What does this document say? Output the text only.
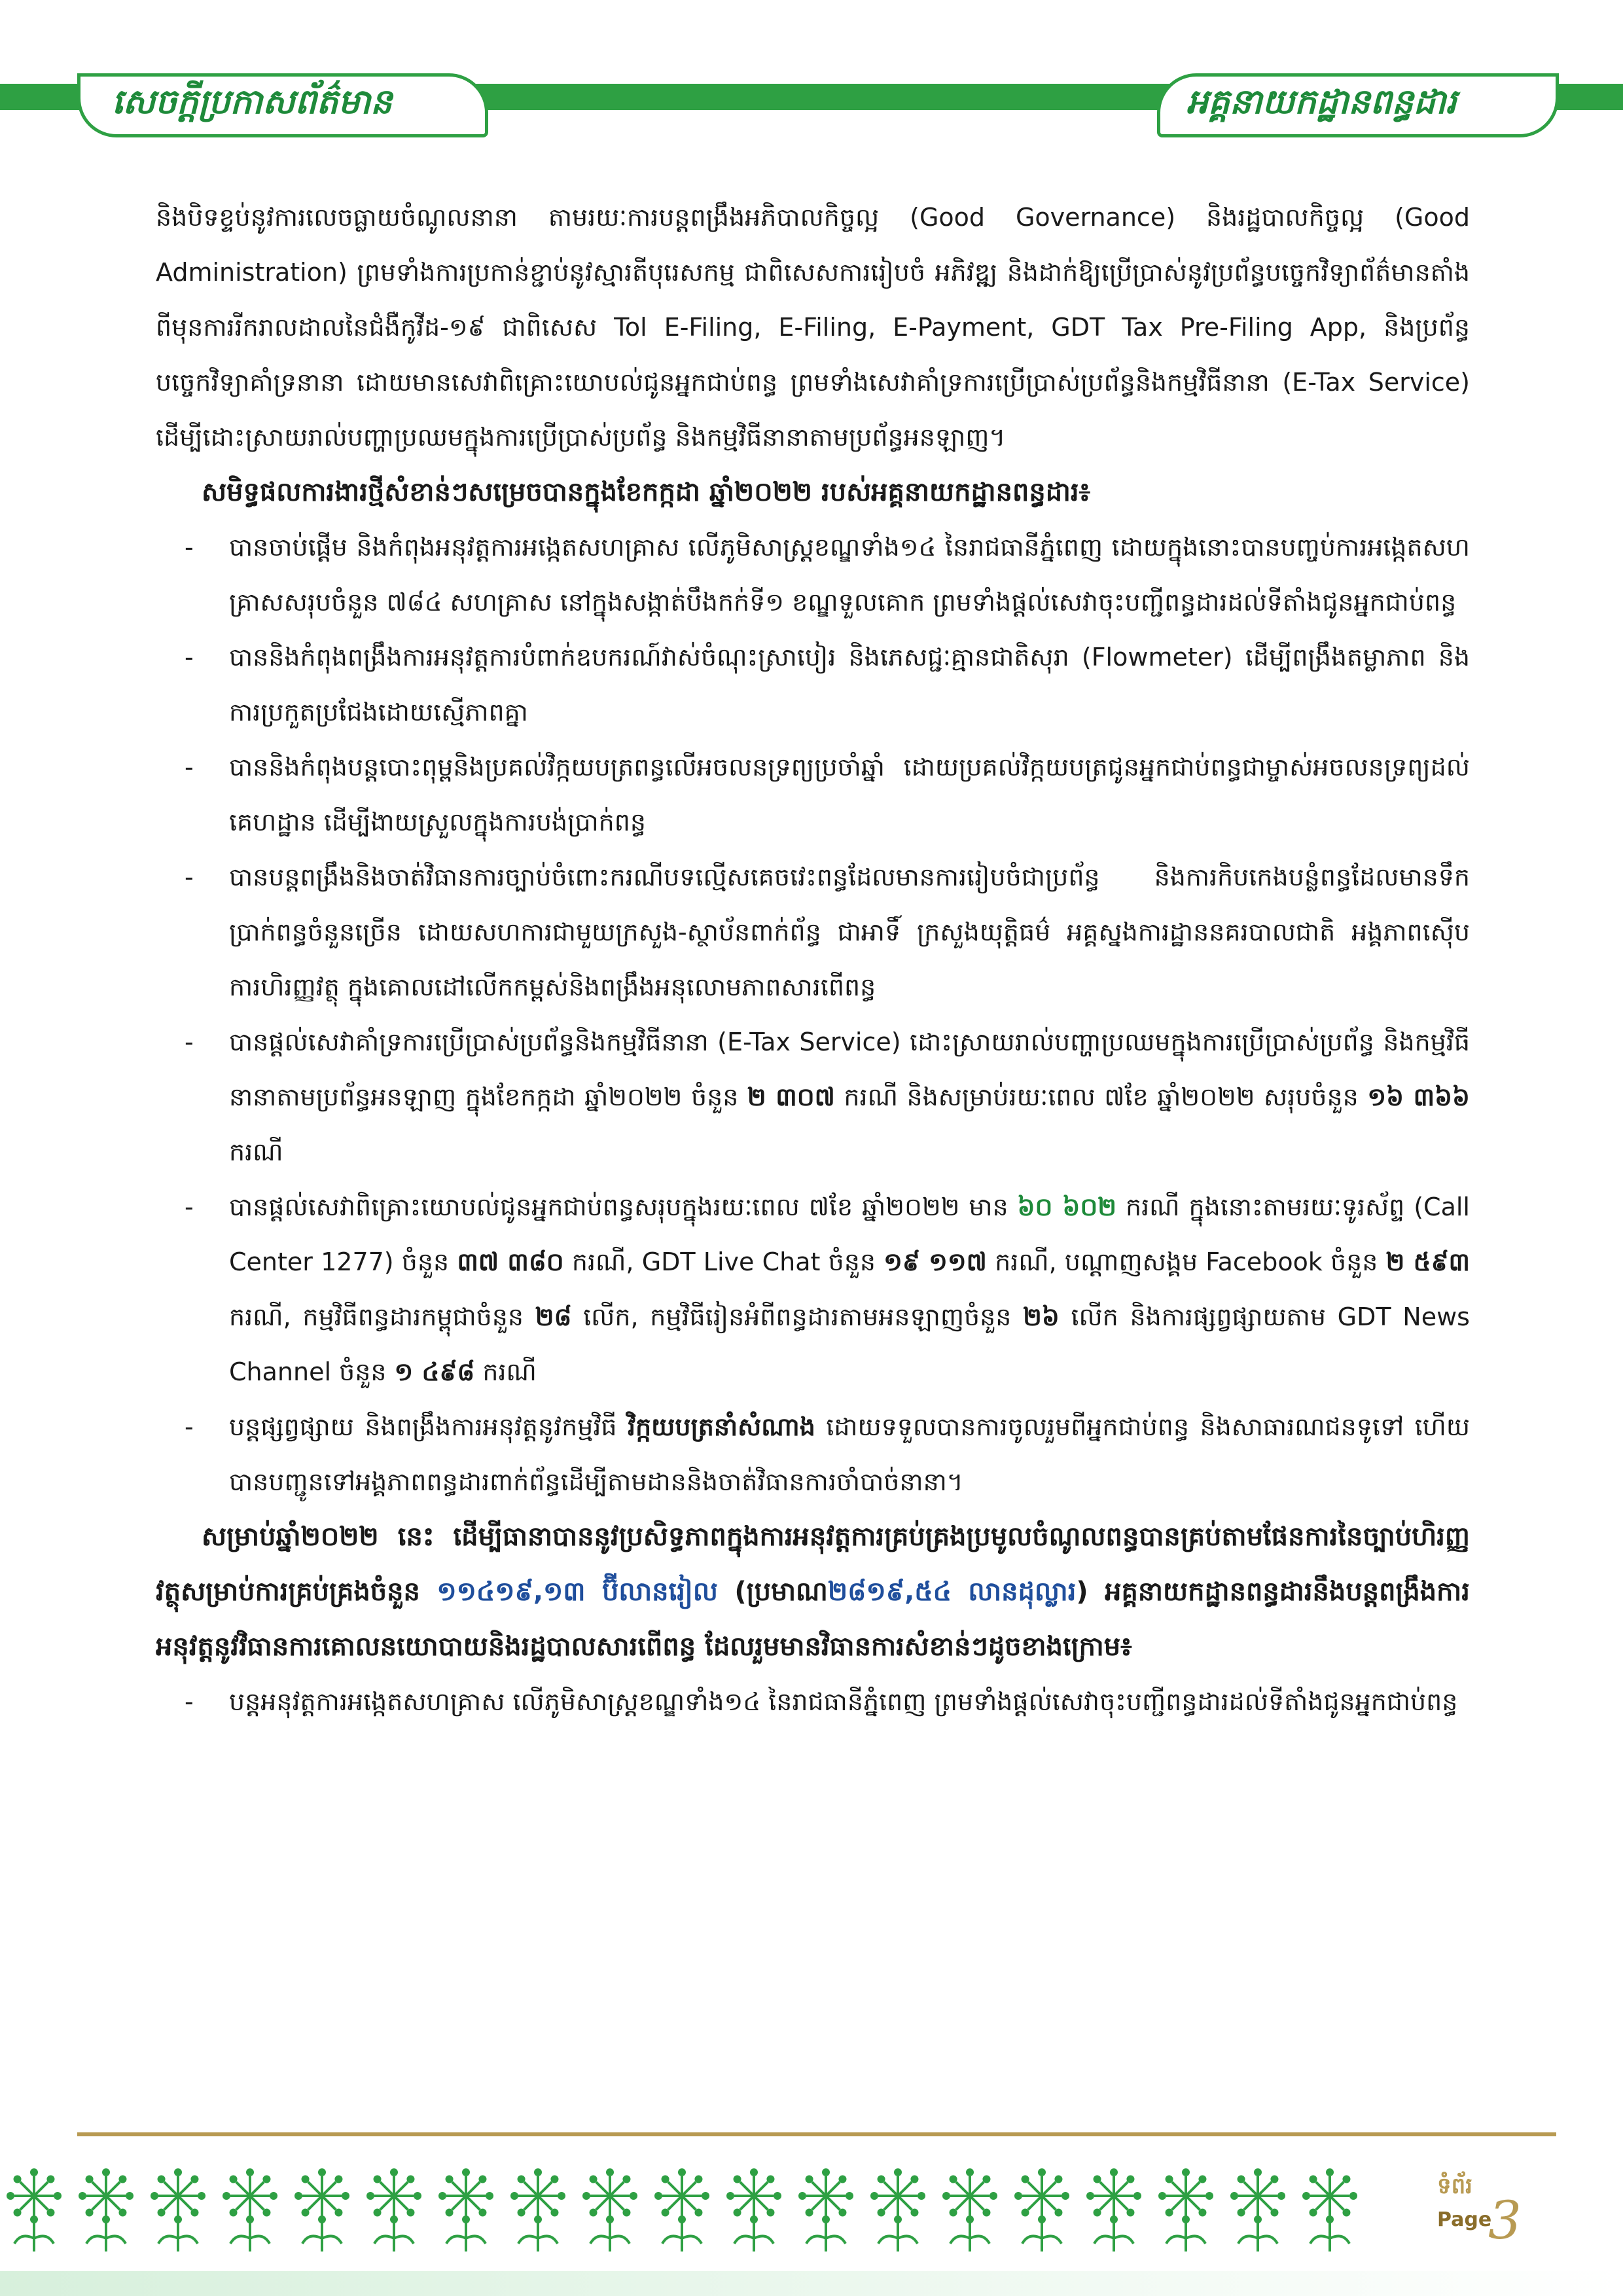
សេចក្តីប្រកាសព័ត៌មាន	អគ្គនាយកដ្ឋានពន្ធដារ

និងបិទខ្ទប់នូវការលេចធ្លាយចំណូលនានា តាមរយៈការបន្តពង្រឹងអភិបាលកិច្ចល្អ (Good Governance) និងរដ្ឋបាលកិច្ចល្អ (Good Administration) ព្រមទាំងការប្រកាន់ខ្ជាប់នូវស្មារតីបុរេសកម្ម ជាពិសេសការរៀបចំ អភិវឌ្ឍ និងដាក់ឱ្យប្រើប្រាស់នូវប្រព័ន្ធបច្ចេកវិទ្យាព័ត៌មានតាំងពីមុនការរីករាលដាលនៃជំងឺកូវីដ-១៩ ជាពិសេស Tol E-Filing, E-Filing, E-Payment, GDT Tax Pre-Filing App, និងប្រព័ន្ធបច្ចេកវិទ្យាគាំទ្រនានា ដោយមានសេវាពិគ្រោះយោបល់ជូនអ្នកជាប់ពន្ធ ព្រមទាំងសេវាគាំទ្រការប្រើប្រាស់ប្រព័ន្ធនិងកម្មវិធីនានា (E-Tax Service) ដើម្បីដោះស្រាយរាល់បញ្ហាប្រឈមក្នុងការប្រើប្រាស់ប្រព័ន្ធ និងកម្មវិធីនានាតាមប្រព័ន្ធអនឡាញ។

សមិទ្ធផលការងារថ្មីសំខាន់ៗសម្រេចបានក្នុងខែកក្កដា ឆ្នាំ២០២២ របស់អគ្គនាយកដ្ឋានពន្ធដារ៖

- បានចាប់ផ្តើម និងកំពុងអនុវត្តការអង្កេតសហគ្រាស លើភូមិសាស្ត្រខណ្ឌទាំង១៤ នៃរាជធានីភ្នំពេញ ដោយក្នុងនោះបានបញ្ចប់ការអង្កេតសហគ្រាសសរុបចំនួន ៧៨៤ សហគ្រាស នៅក្នុងសង្កាត់បឹងកក់ទី១ ខណ្ឌទួលគោក ព្រមទាំងផ្តល់សេវាចុះបញ្ជីពន្ធដារដល់ទីតាំងជូនអ្នកជាប់ពន្ធ

- បាននិងកំពុងពង្រឹងការអនុវត្តការបំពាក់ឧបករណ៍វាស់ចំណុះស្រាបៀរ និងភេសជ្ជៈគ្មានជាតិសុរា (Flowmeter) ដើម្បីពង្រឹងតម្លាភាព និងការប្រកួតប្រជែងដោយស្មើភាពគ្នា

- បាននិងកំពុងបន្តបោះពុម្ពនិងប្រគល់វិក្កយបត្រពន្ធលើអចលនទ្រព្យប្រចាំឆ្នាំ ដោយប្រគល់វិក្កយបត្រជូនអ្នកជាប់ពន្ធជាម្ចាស់អចលនទ្រព្យដល់គេហដ្ឋាន ដើម្បីងាយស្រួលក្នុងការបង់ប្រាក់ពន្ធ

- បានបន្តពង្រឹងនិងចាត់វិធានការច្បាប់ចំពោះករណីបទល្មើសគេចវេះពន្ធដែលមានការរៀបចំជាប្រព័ន្ធ និងការកិបកេងបន្លំពន្ធដែលមានទឹកប្រាក់ពន្ធចំនួនច្រើន ដោយសហការជាមួយក្រសួង-ស្ថាប័នពាក់ព័ន្ធ ជាអាទិ៍ ក្រសួងយុត្តិធម៌ អគ្គស្នងការដ្ឋាននគរបាលជាតិ អង្គភាពស៊ើបការហិរញ្ញវត្ថុ ក្នុងគោលដៅលើកកម្ពស់និងពង្រឹងអនុលោមភាពសារពើពន្ធ

- បានផ្តល់សេវាគាំទ្រការប្រើប្រាស់ប្រព័ន្ធនិងកម្មវិធីនានា (E-Tax Service) ដោះស្រាយរាល់បញ្ហាប្រឈមក្នុងការប្រើប្រាស់ប្រព័ន្ធ និងកម្មវិធីនានាតាមប្រព័ន្ធអនឡាញ ក្នុងខែកក្កដា ឆ្នាំ២០២២ ចំនួន ២ ៣០៧ ករណី និងសម្រាប់រយៈពេល ៧ខែ ឆ្នាំ២០២២ សរុបចំនួន ១៦ ៣៦៦ ករណី

- បានផ្តល់សេវាពិគ្រោះយោបល់ជូនអ្នកជាប់ពន្ធសរុបក្នុងរយៈពេល ៧ខែ ឆ្នាំ២០២២ មាន ៦០ ៦០២ ករណី ក្នុងនោះតាមរយៈទូរស័ព្ទ (Call Center 1277) ចំនួន ៣៧ ៣៨០ ករណី, GDT Live Chat ចំនួន ១៩ ១១៧ ករណី, បណ្តាញសង្គម Facebook ចំនួន ២ ៥៩៣ ករណី, កម្មវិធីពន្ធដារកម្ពុជាចំនួន ២៨ លើក, កម្មវិធីរៀនអំពីពន្ធដារតាមអនឡាញចំនួន ២៦ លើក និងការផ្សព្វផ្សាយតាម GDT News Channel ចំនួន ១ ៤៩៨ ករណី

- បន្តផ្សព្វផ្សាយ និងពង្រឹងការអនុវត្តនូវកម្មវិធី វិក្កយបត្រនាំសំណាង ដោយទទួលបានការចូលរួមពីអ្នកជាប់ពន្ធ និងសាធារណជនទូទៅ ហើយបានបញ្ជូនទៅអង្គភាពពន្ធដារពាក់ព័ន្ធដើម្បីតាមដាននិងចាត់វិធានការចាំបាច់នានា។

សម្រាប់ឆ្នាំ២០២២ នេះ ដើម្បីធានាបាននូវប្រសិទ្ធភាពក្នុងការអនុវត្តការគ្រប់គ្រងប្រមូលចំណូលពន្ធបានគ្រប់តាមផែនការនៃច្បាប់ហិរញ្ញវត្ថុសម្រាប់ការគ្រប់គ្រងចំនួន ១១៤១៩,១៣ ប៊ីលានរៀល (ប្រមាណ២៨១៩,៥៤ លានដុល្លារ) អគ្គនាយកដ្ឋានពន្ធដារនឹងបន្តពង្រឹងការអនុវត្តនូវវិធានការគោលនយោបាយនិងរដ្ឋបាលសារពើពន្ធ ដែលរួមមានវិធានការសំខាន់ៗដូចខាងក្រោម៖

- បន្តអនុវត្តការអង្កេតសហគ្រាស លើភូមិសាស្ត្រខណ្ឌទាំង១៤ នៃរាជធានីភ្នំពេញ ព្រមទាំងផ្តល់សេវាចុះបញ្ជីពន្ធដារដល់ទីតាំងជូនអ្នកជាប់ពន្ធ

ទំព័រ
Page
3
